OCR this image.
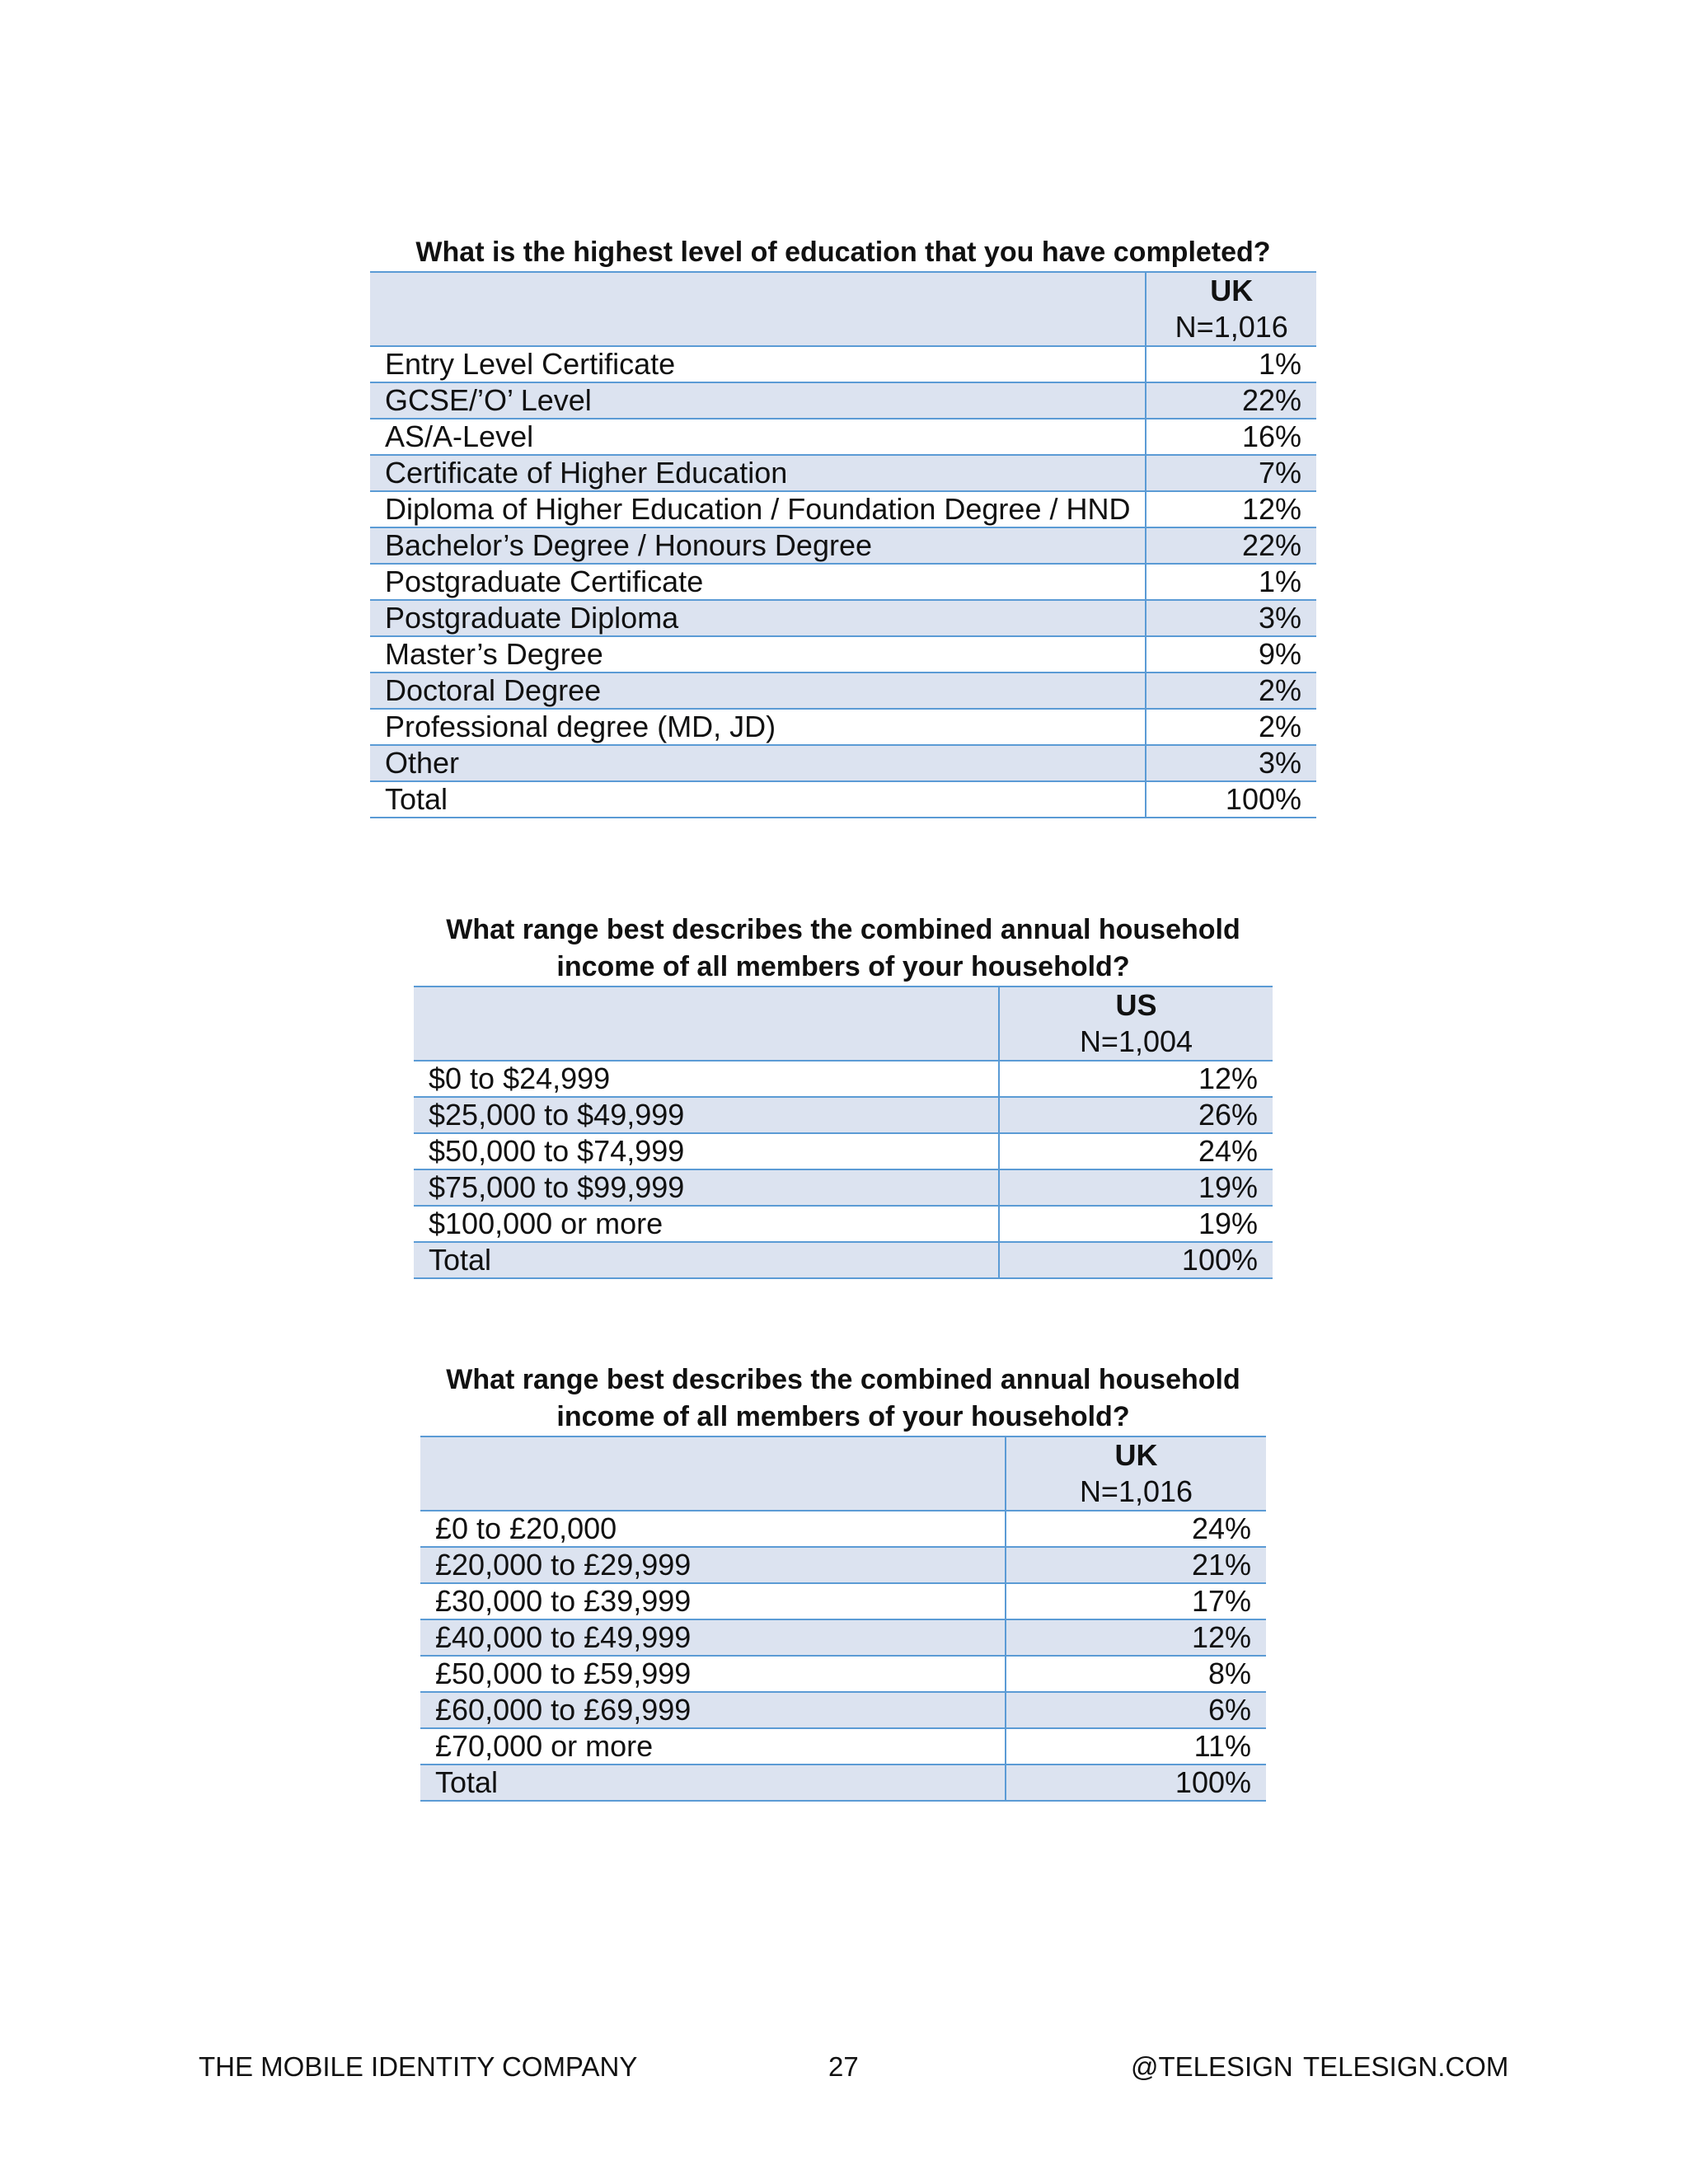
What is the highest level of education that you have completed?

	UK
N=1,016

Entry Level Certificate	1%
GCSE/’O’ Level	22%
AS/A-Level	16%
Certificate of Higher Education	7%
Diploma of Higher Education / Foundation Degree / HND	12%
Bachelor’s Degree / Honours Degree	22%
Postgraduate Certificate	1%
Postgraduate Diploma	3%
Master’s Degree	9%
Doctoral Degree	2%
Professional degree (MD, JD)	2%
Other	3%
Total	100%
What range best describes the combined annual household
income of all members of your household?

	US
N=1,004

$0 to $24,999	12%
$25,000 to $49,999	26%
$50,000 to $74,999	24%
$75,000 to $99,999	19%
$100,000 or more	19%
Total	100%
What range best describes the combined annual household
income of all members of your household?

	UK
N=1,016

£0 to £20,000	24%
£20,000 to £29,999	21%
£30,000 to £39,999	17%
£40,000 to £49,999	12%
£50,000 to £59,999	8%
£60,000 to £69,999	6%
£70,000 or more	11%
Total	100%
THE MOBILE IDENTITY COMPANY	27	@TELESIGN TELESIGN.COM
